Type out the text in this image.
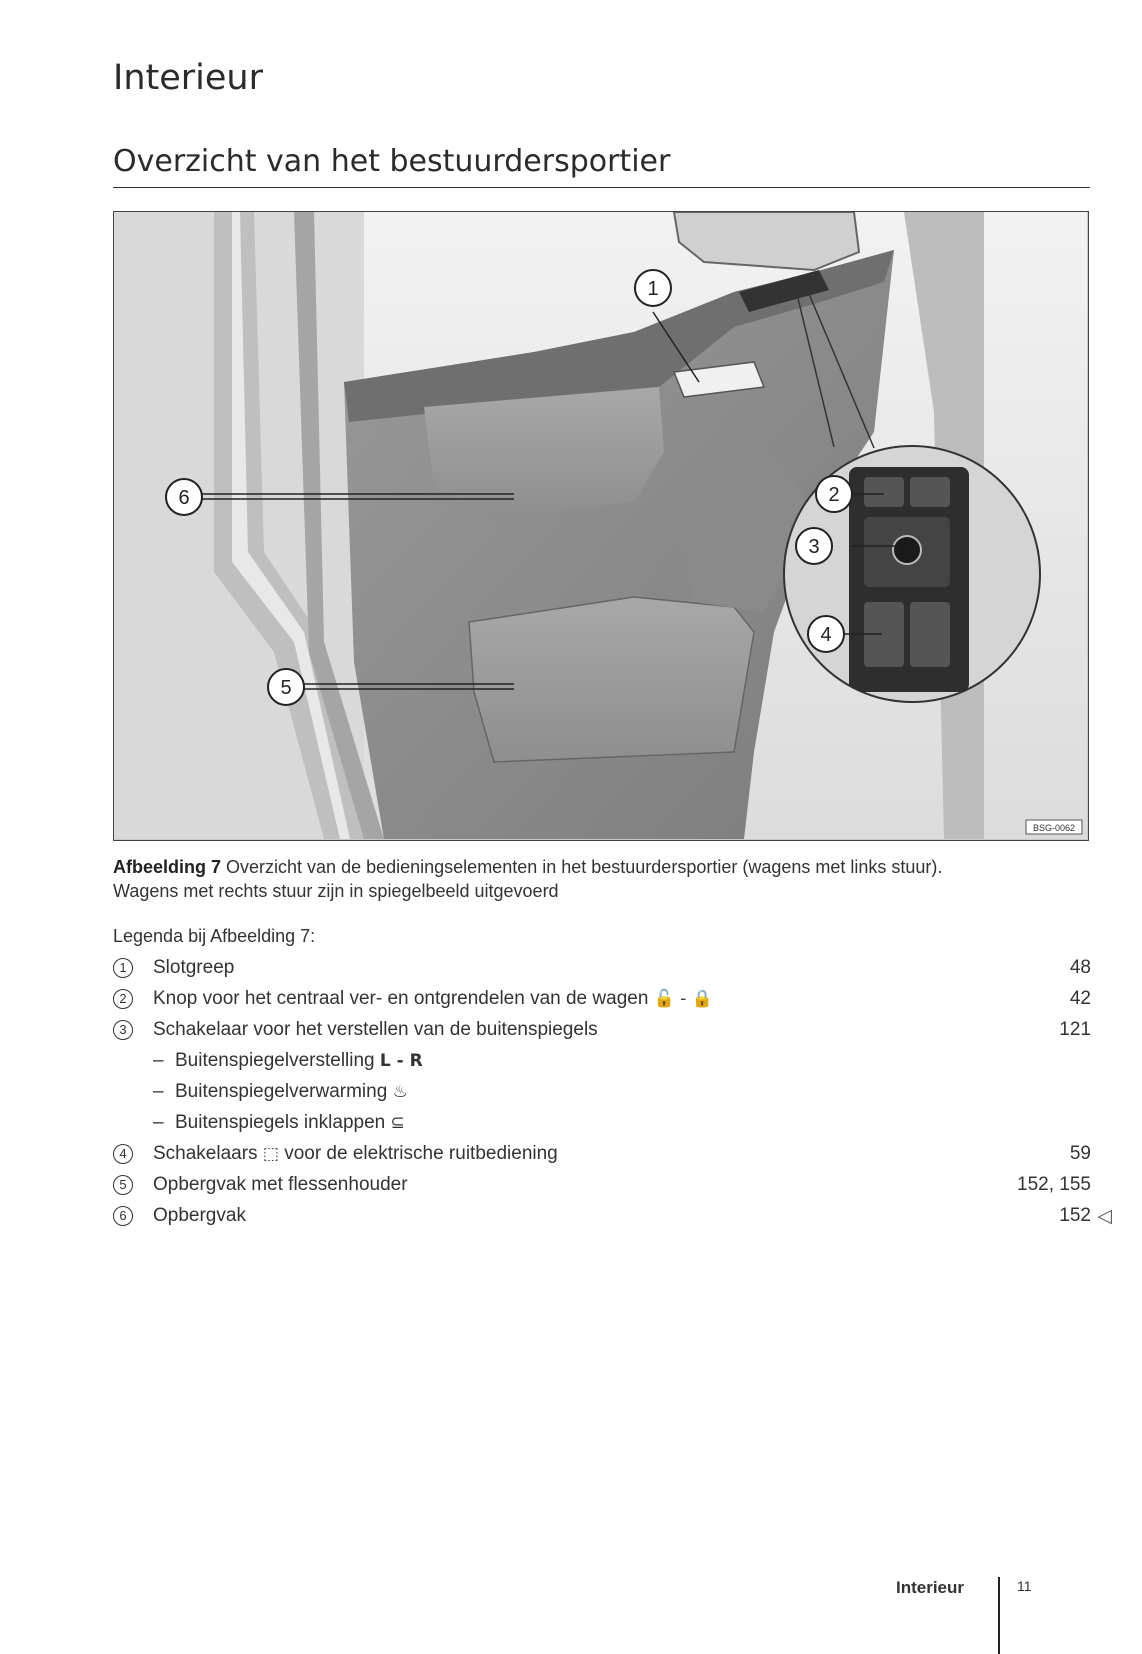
Interieur
Overzicht van het bestuurdersportier
1
6
5
2
3
4
BSG-0062
Afbeelding 7 Overzicht van de bedieningselementen in het bestuurdersportier (wagens met links stuur).
Wagens met rechts stuur zijn in spiegelbeeld uitgevoerd
Legenda bij Afbeelding 7:
1	Slotgreep	48
2	Knop voor het centraal ver- en ontgrendelen van de wagen 🔓 - 🔒	42
3	Schakelaar voor het verstellen van de buitenspiegels	121
– Buitenspiegelverstelling L - R
– Buitenspiegelverwarming ♨
– Buitenspiegels inklappen ⊆
4	Schakelaars ⬚ voor de elektrische ruitbediening	59
5	Opbergvak met flessenhouder	152, 155
6	Opbergvak	152 ◁
Interieur	11
